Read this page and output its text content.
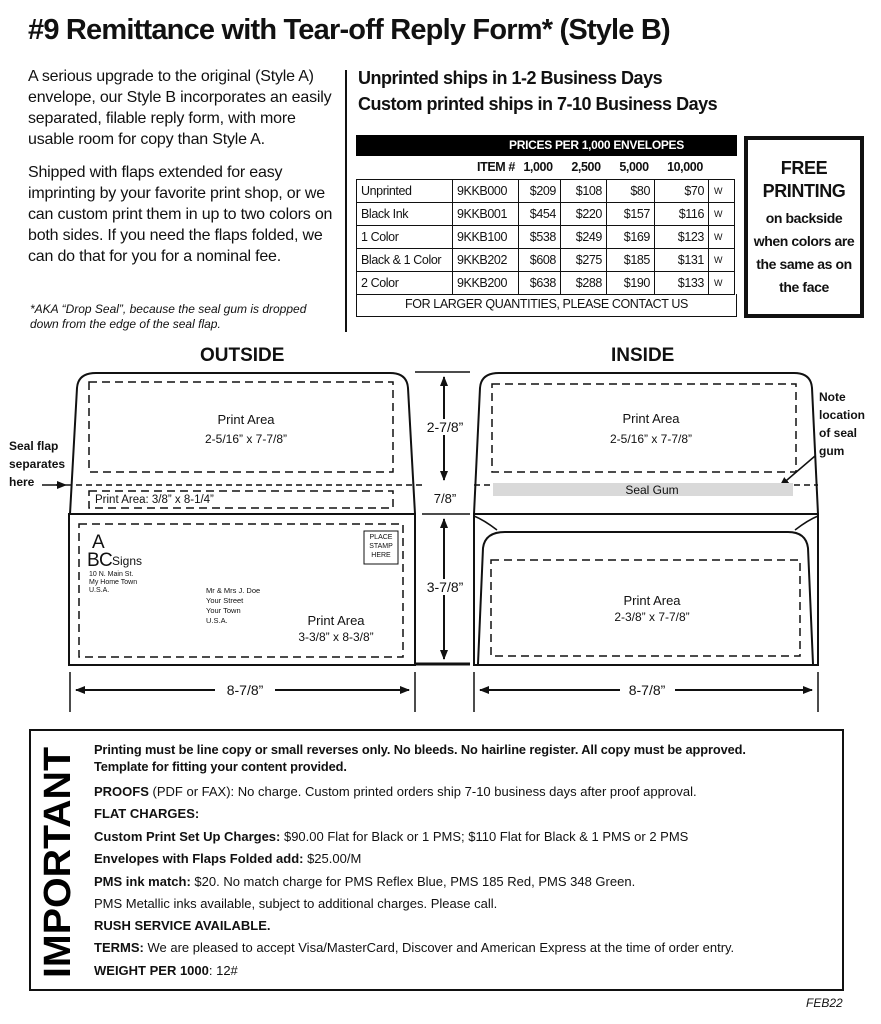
#9 Remittance with Tear-off Reply Form* (Style B)

A serious upgrade to the original (Style A) envelope, our Style B incorporates an easily separated, filable reply form, with more usable room for copy than Style A.

Shipped with flaps extended for easy imprinting by your favorite print shop, or we can custom print them in up to two colors on both sides. If you need the flaps folded, we can do that for you for a nominal fee.

*AKA “Drop Seal”, because the seal gum is dropped down from the edge of the seal flap.

Unprinted ships in 1-2 Business Days
Custom printed ships in 7-10 Business Days
PRICES PER 1,000 ENVELOPES
ITEM # 1,000	2,500	5,000	10,000
Unprinted	9KKB000	$209	$108	$80	$70	W
Black Ink	9KKB001	$454	$220	$157	$116	W
1 Color	9KKB100	$538	$249	$169	$123	W
Black & 1 Color	9KKB202	$608	$275	$185	$131	W
2 Color	9KKB200	$638	$288	$190	$133	W
FOR LARGER QUANTITIES, PLEASE CONTACT US
FREE PRINTING
on backside when colors are the same as on the face
OUTSIDE	INSIDE
Print Area
2-5/16” x 7-7/8”
Print Area: 3/8” x 8-1/4”
Print Area
3-3/8” x 8-3/8”
A
B C Signs
10 N. Main St.
My Home Town
U.S.A.	Mr & Mrs J. Doe
Your Street
Your Town
U.S.A.
PLACE
STAMP
HERE
Print Area
2-5/16” x 7-7/8”
Seal Gum
Print Area
2-3/8” x 7-7/8”
Seal flap
separates
here
Note
location
of seal
gum
2-7/8”
7/8”
3-7/8”
8-7/8”	8-7/8”
IMPORTANT
Printing must be line copy or small reverses only. No bleeds. No hairline register. All copy must be approved.
Template for fitting your content provided.
PROOFS (PDF or FAX): No charge. Custom printed orders ship 7-10 business days after proof approval.
FLAT CHARGES:
Custom Print Set Up Charges: $90.00 Flat for Black or 1 PMS; $110 Flat for Black & 1 PMS or 2 PMS
Envelopes with Flaps Folded add: $25.00/M
PMS ink match: $20. No match charge for PMS Reflex Blue, PMS 185 Red, PMS 348 Green.
PMS Metallic inks available, subject to additional charges. Please call.
RUSH SERVICE AVAILABLE.
TERMS: We are pleased to accept Visa/MasterCard, Discover and American Express at the time of order entry.
WEIGHT PER 1000: 12#
FEB22
